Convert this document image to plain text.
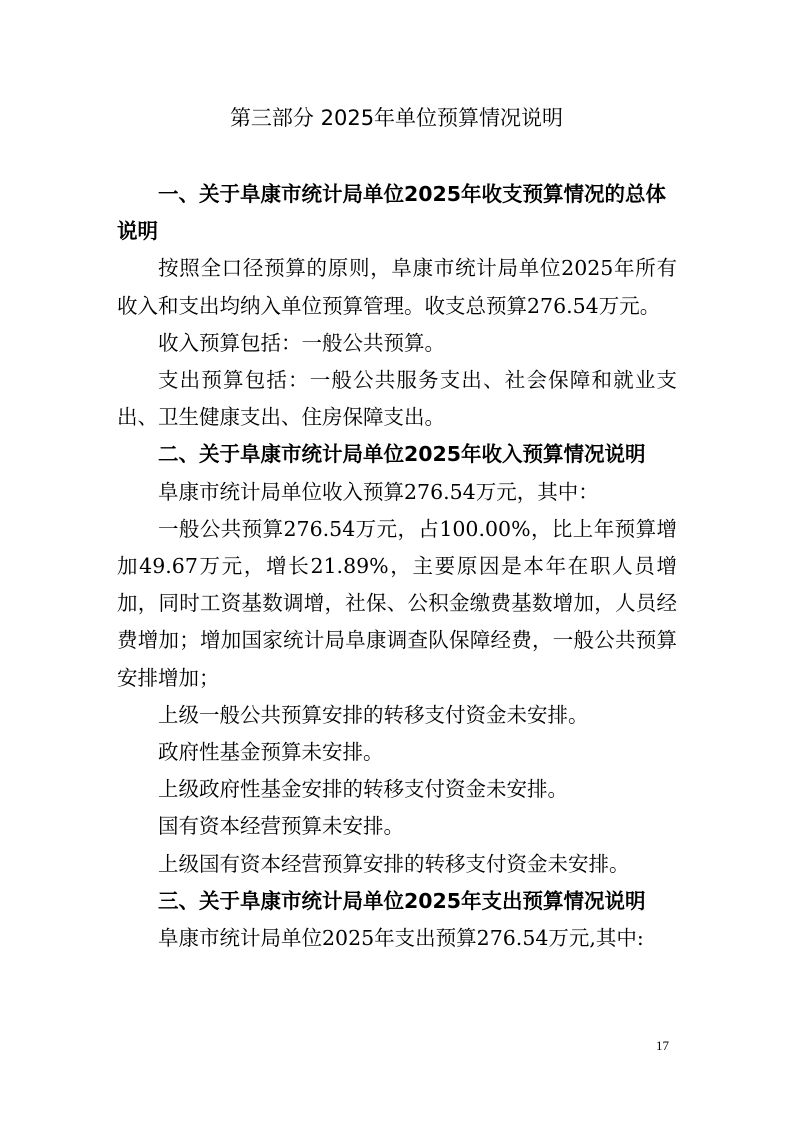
第三部分 2025年单位预算情况说明

一、关于阜康市统计局单位2025年收支预算情况的总体说明

按照全口径预算的原则，阜康市统计局单位2025年所有收入和支出均纳入单位预算管理。收支总预算276.54万元。

收入预算包括：一般公共预算。

支出预算包括：一般公共服务支出、社会保障和就业支出、卫生健康支出、住房保障支出。

二、关于阜康市统计局单位2025年收入预算情况说明

阜康市统计局单位收入预算276.54万元，其中：

一般公共预算276.54万元，占100.00%，比上年预算增加49.67万元，增长21.89%，主要原因是本年在职人员增加，同时工资基数调增，社保、公积金缴费基数增加，人员经费增加；增加国家统计局阜康调查队保障经费，一般公共预算安排增加；

上级一般公共预算安排的转移支付资金未安排。

政府性基金预算未安排。

上级政府性基金安排的转移支付资金未安排。

国有资本经营预算未安排。

上级国有资本经营预算安排的转移支付资金未安排。

三、关于阜康市统计局单位2025年支出预算情况说明

阜康市统计局单位2025年支出预算276.54万元,其中:

17
